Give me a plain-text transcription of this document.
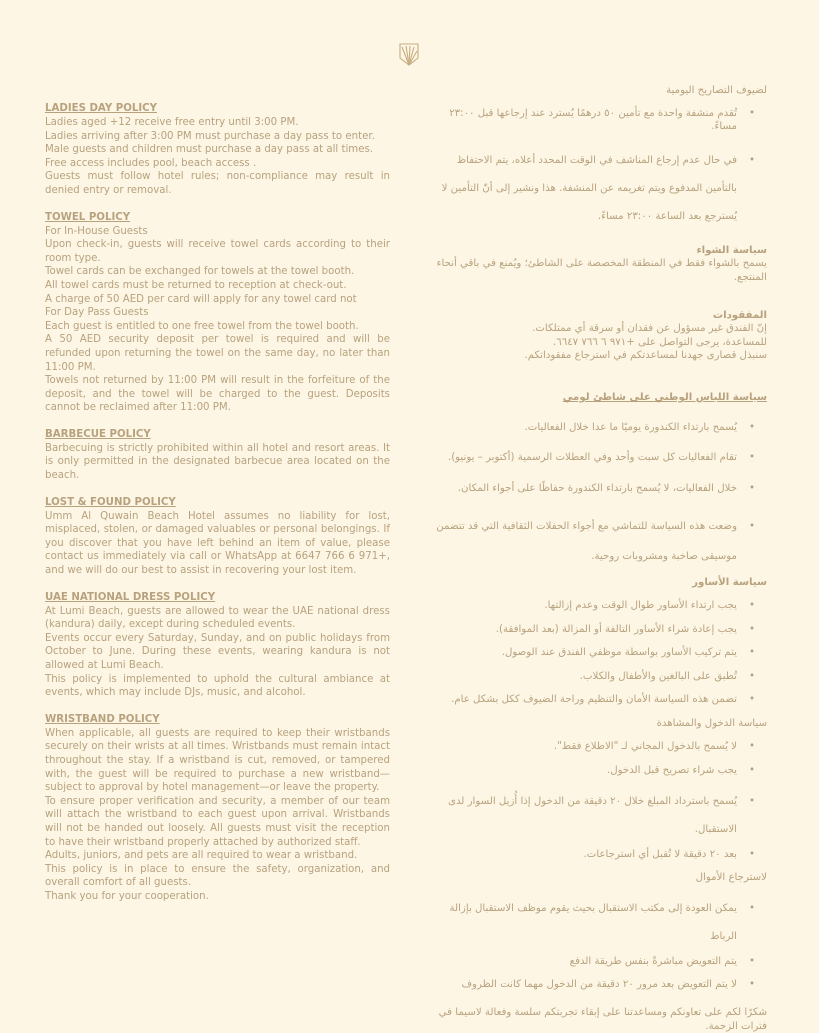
LADIES DAY POLICY

Ladies aged +12 receive free entry until 3:00 PM.

Ladies arriving after 3:00 PM must purchase a day pass to enter.

Male guests and children must purchase a day pass at all times.

Free access includes pool, beach access .

Guests must follow hotel rules; non-compliance may result in denied entry or removal.

TOWEL POLICY

For In-House Guests

Upon check-in, guests will receive towel cards according to their room type.

Towel cards can be exchanged for towels at the towel booth.

All towel cards must be returned to reception at check-out.

A charge of 50 AED per card will apply for any towel card not

For Day Pass Guests

Each guest is entitled to one free towel from the towel booth.

A 50 AED security deposit per towel is required and will be refunded upon returning the towel on the same day, no later than 11:00 PM.

Towels not returned by 11:00 PM will result in the forfeiture of the deposit, and the towel will be charged to the guest. Deposits cannot be reclaimed after 11:00 PM.

BARBECUE POLICY

Barbecuing is strictly prohibited within all hotel and resort areas. It is only permitted in the designated barbecue area located on the beach.

LOST & FOUND POLICY

Umm Al Quwain Beach Hotel assumes no liability for lost, misplaced, stolen, or damaged valuables or personal belongings. If you discover that you have left behind an item of value, please contact us immediately via call or WhatsApp at 6647 766 6 971+, and we will do our best to assist in recovering your lost item.

UAE NATIONAL DRESS POLICY

At Lumi Beach, guests are allowed to wear the UAE national dress (kandura) daily, except during scheduled events.

Events occur every Saturday, Sunday, and on public holidays from October to June. During these events, wearing kandura is not allowed at Lumi Beach.

This policy is implemented to uphold the cultural ambiance at events, which may include DJs, music, and alcohol.

WRISTBAND POLICY

When applicable, all guests are required to keep their wristbands securely on their wrists at all times. Wristbands must remain intact throughout the stay. If a wristband is cut, removed, or tampered with, the guest will be required to purchase a new wristband—subject to approval by hotel management—or leave the property.

To ensure proper verification and security, a member of our team will attach the wristband to each guest upon arrival. Wristbands will not be handed out loosely. All guests must visit the reception to have their wristband properly attached by authorized staff.

Adults, juniors, and pets are all required to wear a wristband.

This policy is in place to ensure the safety, organization, and overall comfort of all guests.

Thank you for your cooperation.

لضيوف التصاريح اليومية

•
تُقدم منشفة واحدة مع تأمين ٥٠ درهمًا يُسترد عند إرجاعها قبل ٢٣:٠٠ مساءً.
•
في حال عدم إرجاع المناشف في الوقت المحدد أعلاه، يتم الاحتفاظ بالتأمين المدفوع ويتم تغريمه عن المنشفة. هذا ونشير إلى أنّ التأمين لا يُسترجع بعد الساعة ٢٣:٠٠ مساءً.

سياسة الشواء

يسمح بالشواء فقط في المنطقة المخصصة على الشاطئ؛ ويُمنع في باقي أنحاء المنتجع.

المفقودات

إنّ الفندق غير مسؤول عن فقدان أو سرقة أي ممتلكات.

للمساعدة، يرجى التواصل على ‎+٩٧١ ٦ ٧٦٦ ٦٦٤٧‎.

سنبذل قصارى جهدنا لمساعدتكم في استرجاع مفقوداتكم.

سياسة اللباس الوطني على شاطئ لومي

•
يُسمح بارتداء الكندورة يوميًا ما عدا خلال الفعاليات.
•
تقام الفعاليات كل سبت وأحد وفي العطلات الرسمية (أكتوبر – يونيو).
•
خلال الفعاليات، لا يُسمح بارتداء الكندورة حفاظًا على أجواء المكان.
•
وضعت هذه السياسة للتماشي مع أجواء الحفلات الثقافية التي قد تتضمن موسيقى صاخبة ومشروبات روحية.

سياسة الأساور

•
يجب ارتداء الأساور طوال الوقت وعدم إزالتها.
•
يجب إعادة شراء الأساور التالفة أو المزالة (بعد الموافقة).
•
يتم تركيب الأساور بواسطة موظفي الفندق عند الوصول.
•
تُطبق على البالغين والأطفال والكلاب.
•
تضمن هذه السياسة الأمان والتنظيم وراحة الضيوف ككل بشكل عام.

سياسة الدخول والمشاهدة

•
لا يُسمح بالدخول المجاني لـ "الاطلاع فقط".
•
يجب شراء تصريح قبل الدخول.
•
يُسمح باسترداد المبلغ خلال ٢٠ دقيقة من الدخول إذا أُزيل السوار لدى الاستقبال.
•
بعد ٢٠ دقيقة لا تُقبل أي استرجاعات.

لاسترجاع الأموال

•
يمكن العودة إلى مكتب الاستقبال بحيث يقوم موظف الاستقبال بإزالة الرباط
•
يتم التعويض مباشرةً بنفس طريقة الدفع
•
لا يتم التعويض بعد مرور ٢٠ دقيقة من الدخول مهما كانت الظروف

شكرًا لكم على تعاونكم ومساعدتنا على إبقاء تجربتكم سلسة وفعالة لاسيما في فترات الزحمة.
